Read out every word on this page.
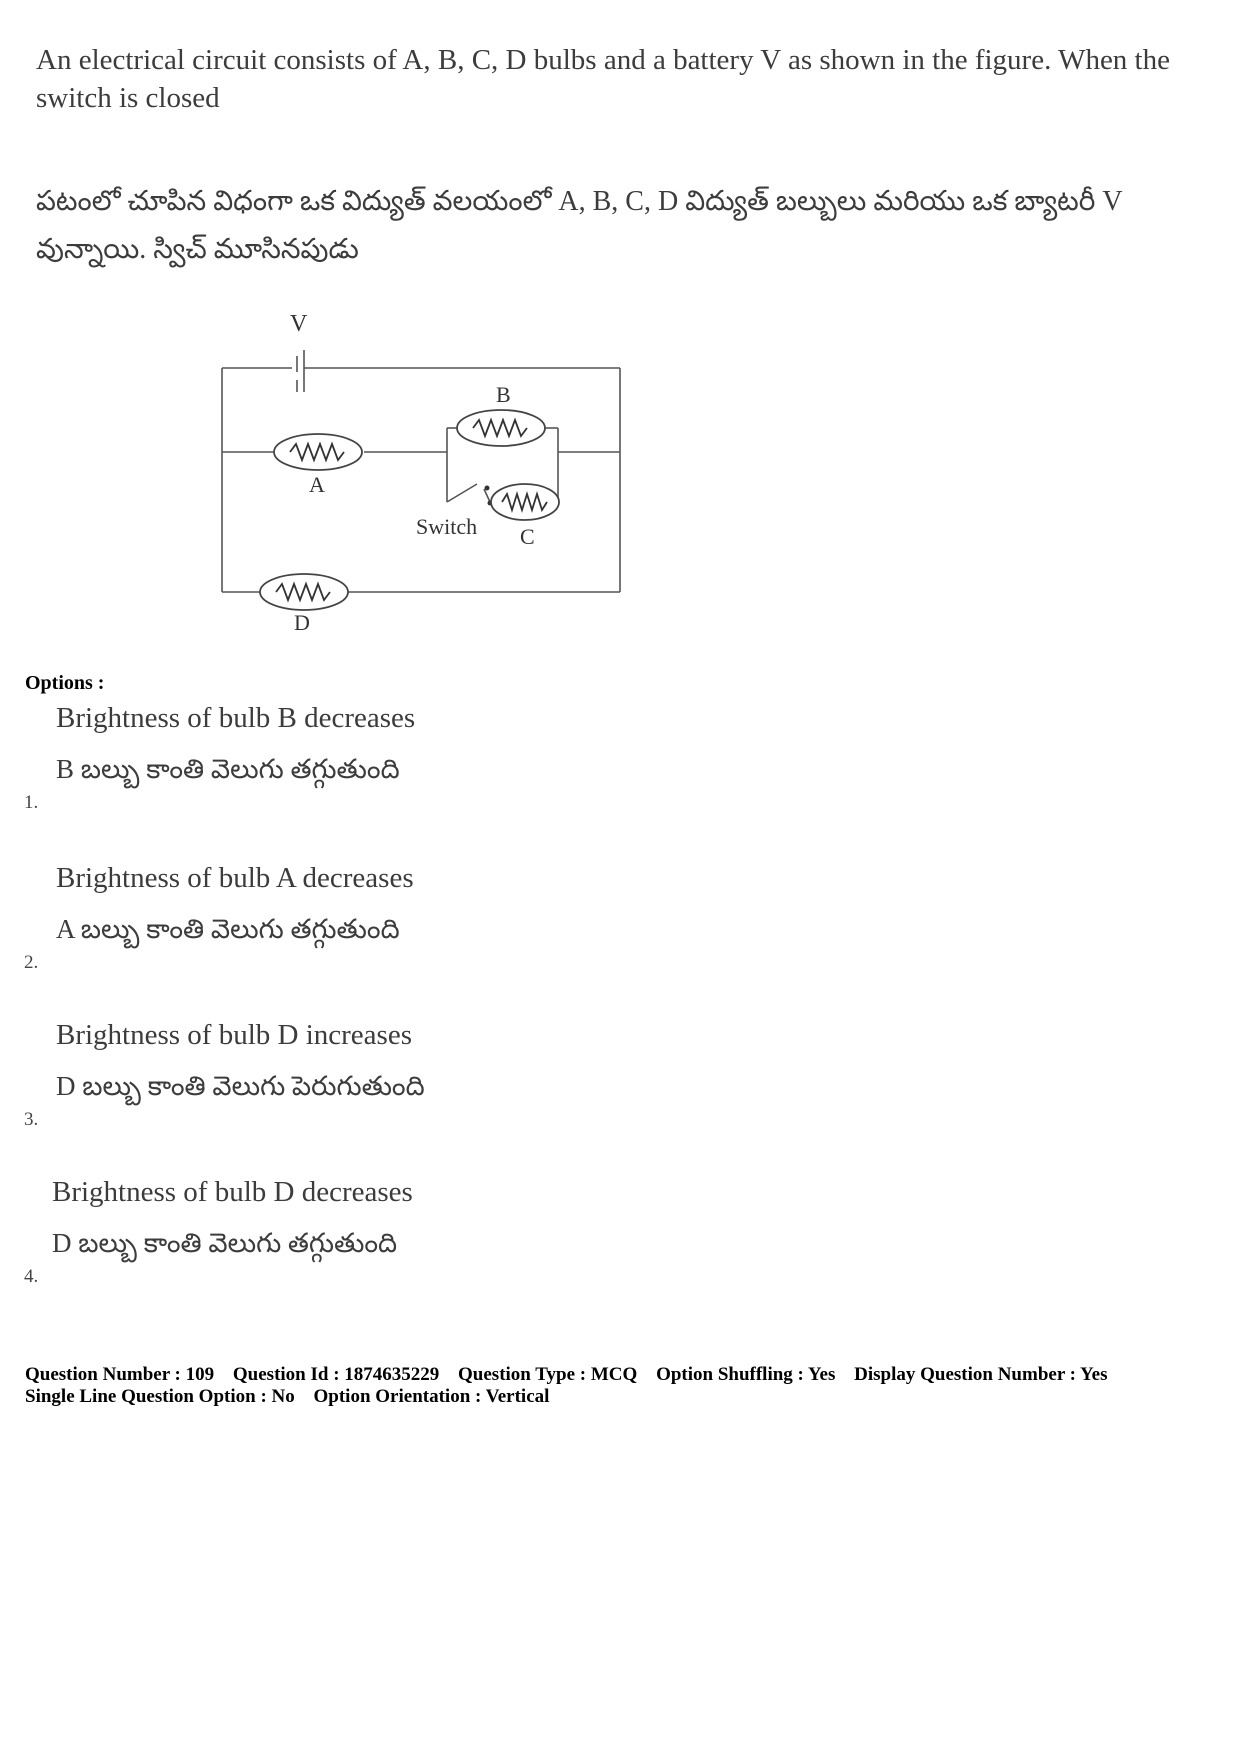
An electrical circuit consists of A, B, C, D bulbs and a battery V as shown in the figure. When the switch is closed
పటంలో చూపిన విధంగా ఒక విద్యుత్ వలయంలో A, B, C, D విద్యుత్ బల్బులు మరియు ఒక బ్యాటరీ V వున్నాయి. స్విచ్ మూసినపుడు
V
A
B
C
D
Switch
Options :
Brightness of bulb B decreases
B బల్బు కాంతి వెలుగు తగ్గుతుంది
1.
Brightness of bulb A decreases
A బల్బు కాంతి వెలుగు తగ్గుతుంది
2.
Brightness of bulb D increases
D బల్బు కాంతి వెలుగు పెరుగుతుంది
3.
Brightness of bulb D decreases
D బల్బు కాంతి వెలుగు తగ్గుతుంది
4.
Question Number : 109 Question Id : 1874635229 Question Type : MCQ Option Shuffling : Yes Display Question Number : Yes
Single Line Question Option : No Option Orientation : Vertical
